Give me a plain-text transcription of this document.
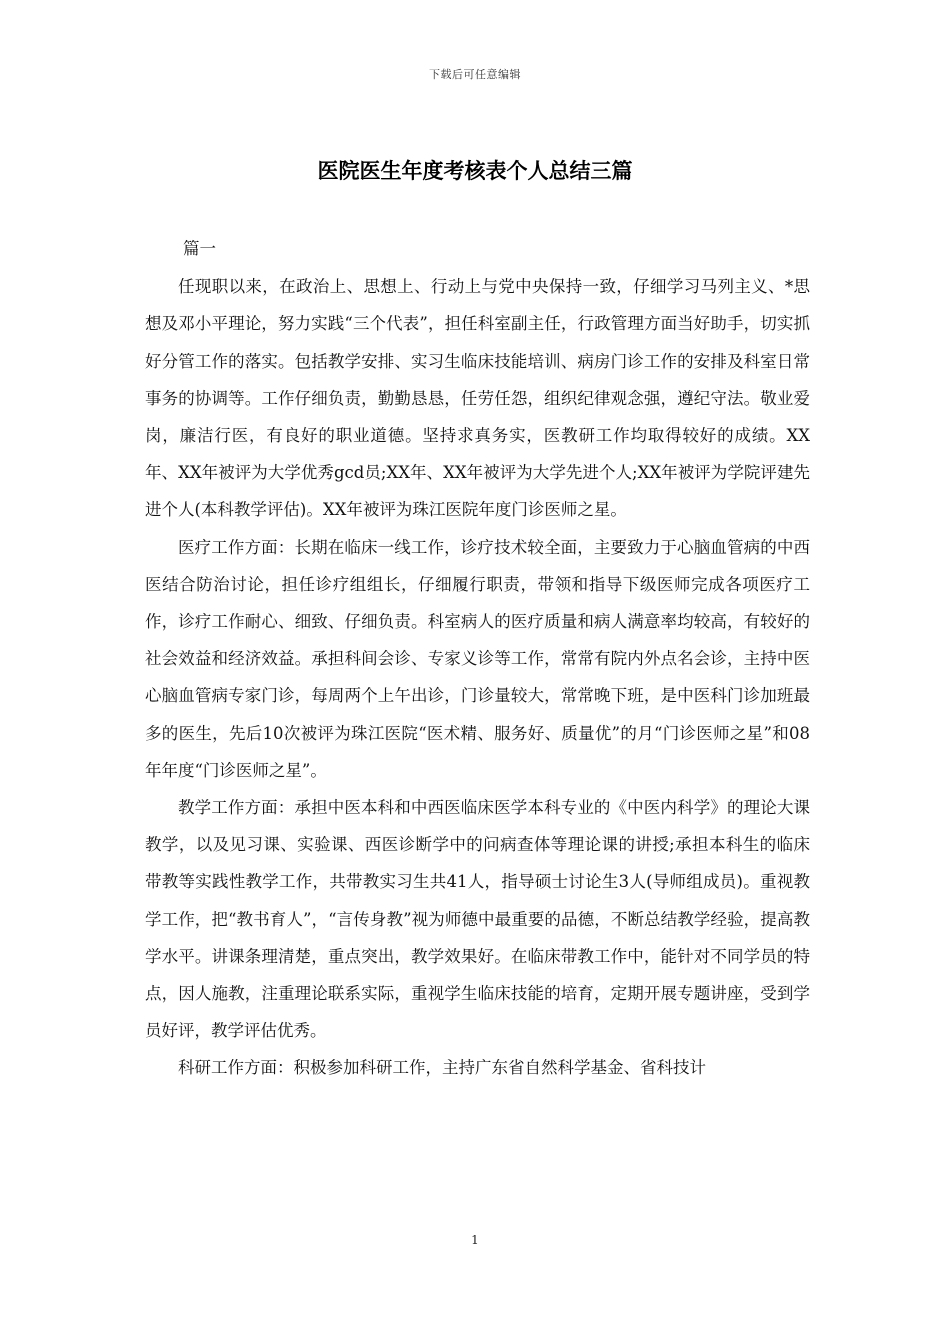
下载后可任意编辑
医院医生年度考核表个人总结三篇
篇一

任现职以来，在政治上、思想上、行动上与党中央保持一致，仔细学习马列主义、*思想及邓小平理论，努力实践“三个代表”，担任科室副主任，行政管理方面当好助手，切实抓好分管工作的落实。包括教学安排、实习生临床技能培训、病房门诊工作的安排及科室日常事务的协调等。工作仔细负责，勤勤恳恳，任劳任怨，组织纪律观念强，遵纪守法。敬业爱岗，廉洁行医，有良好的职业道德。坚持求真务实，医教研工作均取得较好的成绩。XX年、XX年被评为大学优秀gcd员;XX年、XX年被评为大学先进个人;XX年被评为学院评建先进个人(本科教学评估)。XX年被评为珠江医院年度门诊医师之星。

医疗工作方面：长期在临床一线工作，诊疗技术较全面，主要致力于心脑血管病的中西医结合防治讨论，担任诊疗组组长，仔细履行职责，带领和指导下级医师完成各项医疗工作，诊疗工作耐心、细致、仔细负责。科室病人的医疗质量和病人满意率均较高，有较好的社会效益和经济效益。承担科间会诊、专家义诊等工作，常常有院内外点名会诊，主持中医心脑血管病专家门诊，每周两个上午出诊，门诊量较大，常常晚下班，是中医科门诊加班最多的医生，先后10次被评为珠江医院“医术精、服务好、质量优”的月“门诊医师之星”和08年年度“门诊医师之星”。

教学工作方面：承担中医本科和中西医临床医学本科专业的《中医内科学》的理论大课教学，以及见习课、实验课、西医诊断学中的问病查体等理论课的讲授;承担本科生的临床带教等实践性教学工作，共带教实习生共41人，指导硕士讨论生3人(导师组成员)。重视教学工作，把“教书育人”，“言传身教”视为师德中最重要的品德，不断总结教学经验，提高教学水平。讲课条理清楚，重点突出，教学效果好。在临床带教工作中，能针对不同学员的特点，因人施教，注重理论联系实际，重视学生临床技能的培育，定期开展专题讲座，受到学员好评，教学评估优秀。

科研工作方面：积极参加科研工作，主持广东省自然科学基金、省科技计

1
